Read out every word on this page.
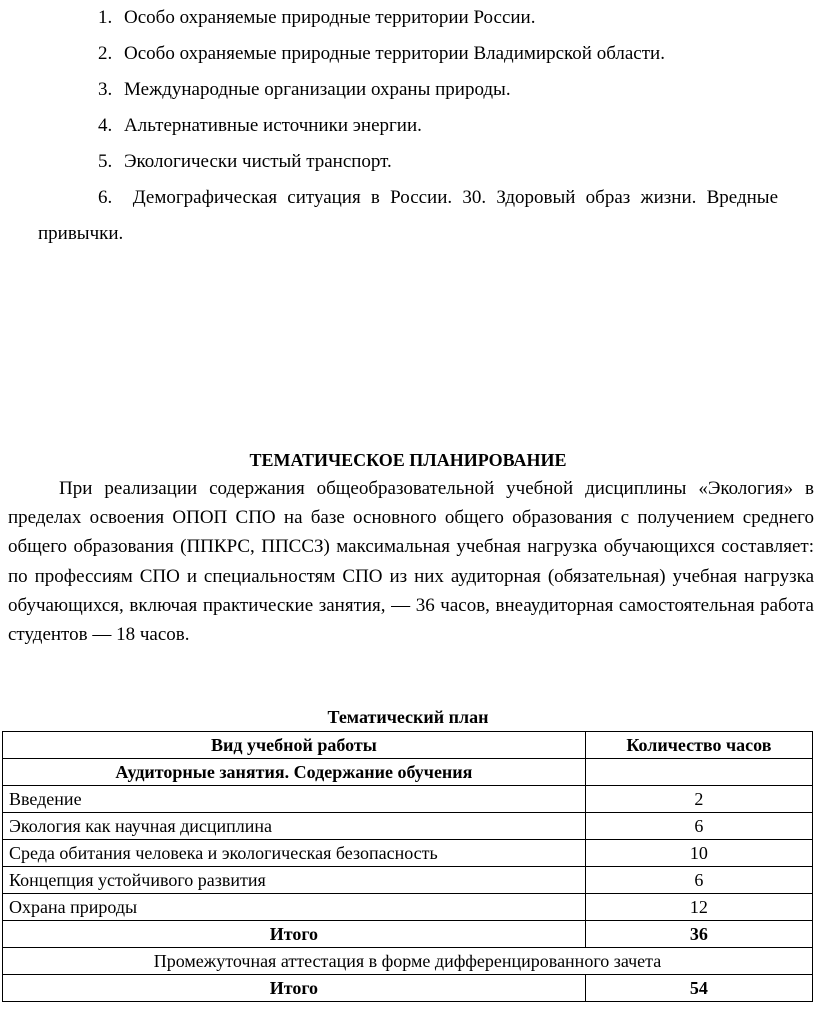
1. Особо охраняемые природные территории России.
2. Особо охраняемые природные территории Владимирской области.
3. Международные организации охраны природы.
4. Альтернативные источники энергии.
5. Экологически чистый транспорт.
6. Демографическая ситуация в России. 30. Здоровый образ жизни. Вредные привычки.
ТЕМАТИЧЕСКОЕ ПЛАНИРОВАНИЕ

При реализации содержания общеобразовательной учебной дисциплины «Экология» в пределах освоения ОПОП СПО на базе основного общего образования с получением среднего общего образования (ППКРС, ППССЗ) максимальная учебная нагрузка обучающихся составляет: по профессиям СПО и специальностям СПО из них аудиторная (обязательная) учебная нагрузка обучающихся, включая практические занятия, — 36 часов, внеаудиторная самостоятельная работа студентов — 18 часов.

Тематический план
Вид учебной работы	Количество часов
Аудиторные занятия. Содержание обучения	
Введение	2
Экология как научная дисциплина	6
Среда обитания человека и экологическая безопасность	10
Концепция устойчивого развития	6
Охрана природы	12
Итого	36
Промежуточная аттестация в форме дифференцированного зачета	
Итого	54
